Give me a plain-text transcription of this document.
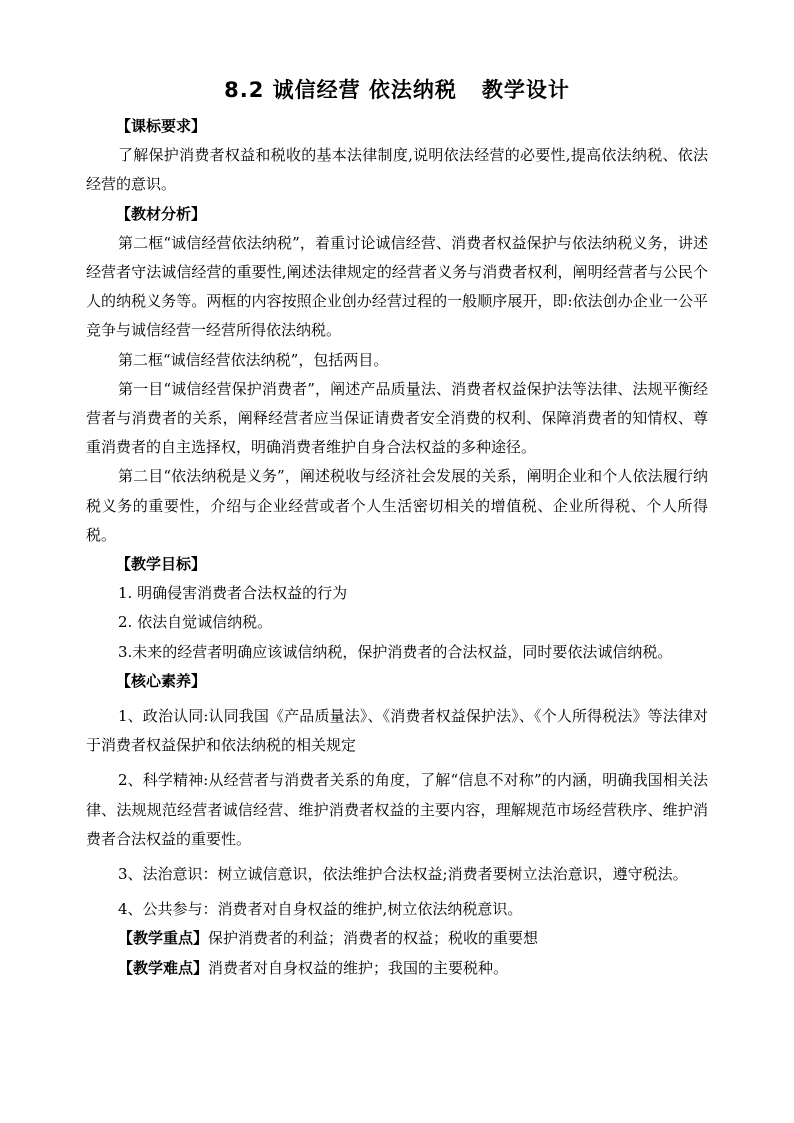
8.2 诚信经营 依法纳税   教学设计

【课标要求】

了解保护消费者权益和税收的基本法律制度,说明依法经营的必要性,提高依法纳税、依法经营的意识。

【教材分析】

第二框“诚信经营依法纳税”，着重讨论诚信经营、消费者权益保护与依法纳税义务，讲述经营者守法诚信经营的重要性,阐述法律规定的经营者义务与消费者权利，阐明经营者与公民个人的纳税义务等。两框的内容按照企业创办经营过程的一般顺序展开，即:依法创办企业一公平竞争与诚信经营一经营所得依法纳税。

第二框“诚信经营依法纳税”，包括两目。

第一目“诚信经营保护消费者”，阐述产品质量法、消费者权益保护法等法律、法规平衡经营者与消费者的关系，阐释经营者应当保证请费者安全消费的权利、保障消费者的知情权、尊重消费者的自主选择权，明确消费者维护自身合法权益的多种途径。

第二目“依法纳税是义务”，阐述税收与经济社会发展的关系，阐明企业和个人依法履行纳税义务的重要性，介绍与企业经营或者个人生活密切相关的增值税、企业所得税、个人所得税。

【教学目标】

1. 明确侵害消费者合法权益的行为

2. 依法自觉诚信纳税。

3.未来的经营者明确应该诚信纳税，保护消费者的合法权益，同时要依法诚信纳税。

【核心素养】

1、政治认同:认同我国《产品质量法》、《消费者权益保护法》、《个人所得税法》等法律对于消费者权益保护和依法纳税的相关规定

2、科学精神:从经营者与消费者关系的角度，了解“信息不对称”的内涵，明确我国相关法律、法规规范经营者诚信经营、维护消费者权益的主要内容，理解规范市场经营秩序、维护消费者合法权益的重要性。

3、法治意识：树立诚信意识，依法维护合法权益;消费者要树立法治意识，遵守税法。

4、公共参与：消费者对自身权益的维护,树立依法纳税意识。

【教学重点】保护消费者的利益；消费者的权益；税收的重要想

【教学难点】消费者对自身权益的维护；我国的主要税种。
